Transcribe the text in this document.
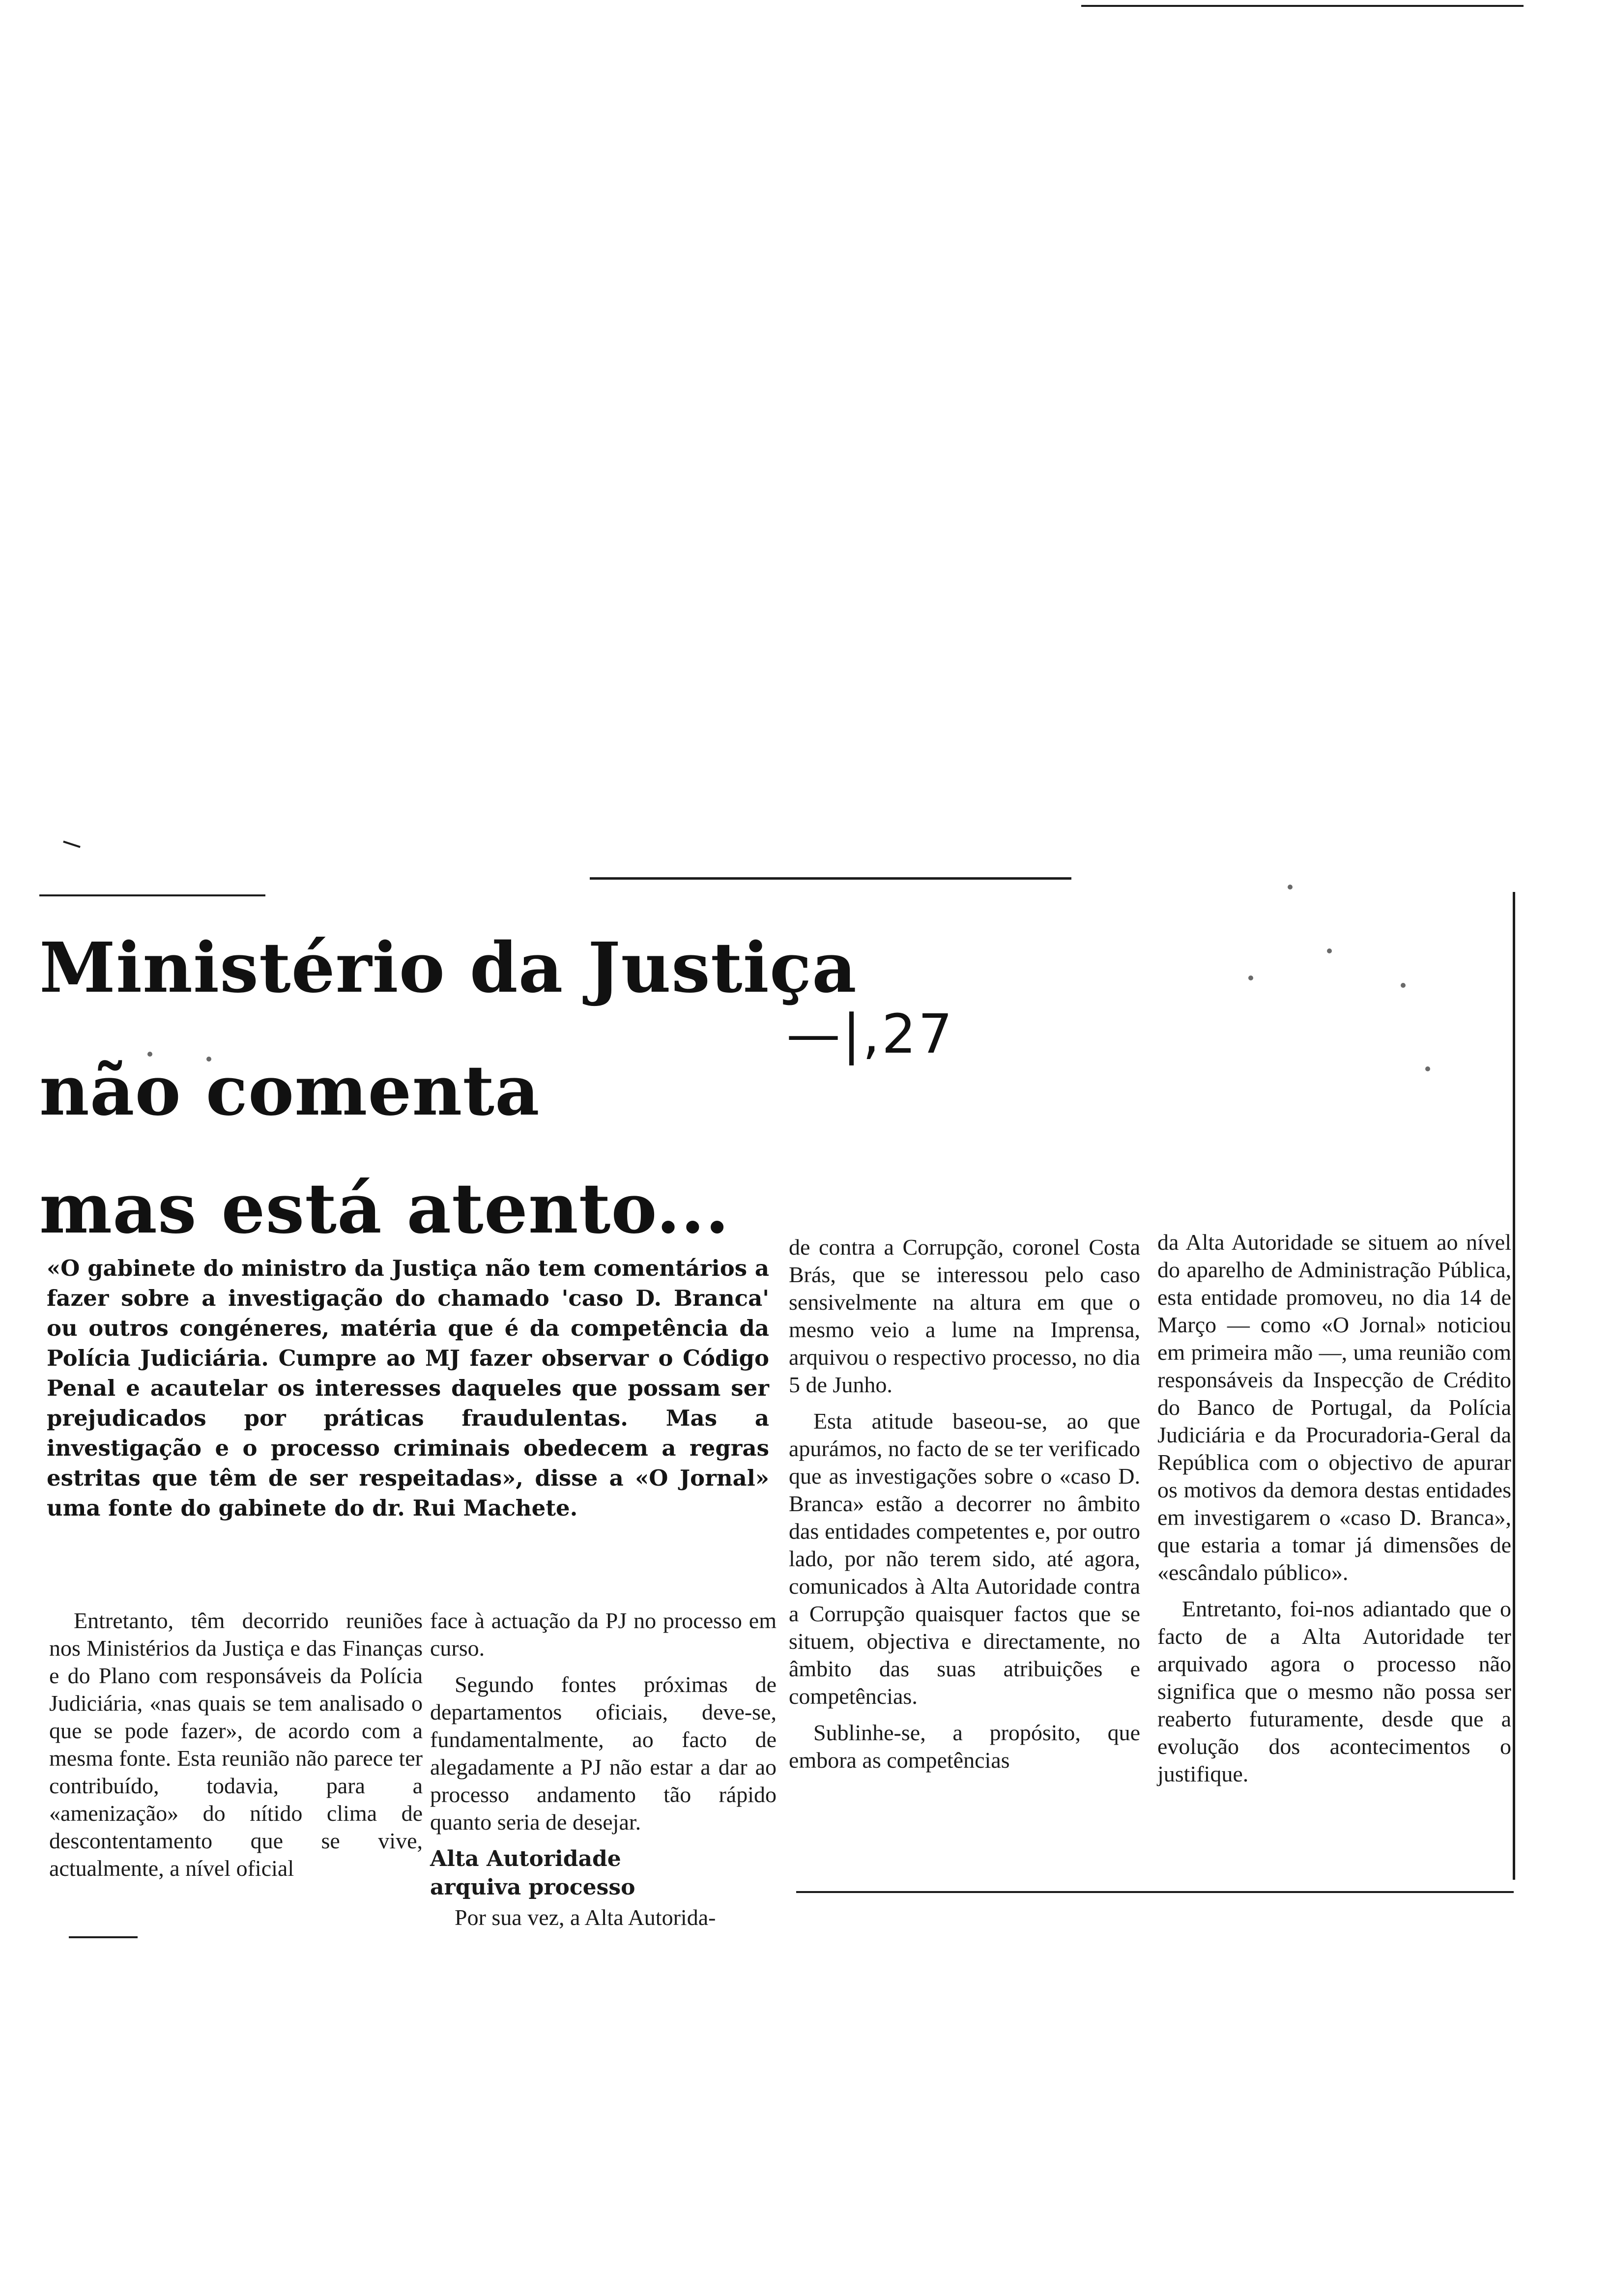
Ministério da Justiça
não comenta
mas está atento...
—|,27

«O gabinete do ministro da Justiça não tem comentários a fazer sobre a investigação do chamado 'caso D. Branca' ou outros congéneres, matéria que é da competência da Polícia Judiciária. Cumpre ao MJ fazer observar o Código Penal e acautelar os interesses daqueles que possam ser prejudicados por práticas fraudulentas. Mas a investigação e o processo criminais obedecem a regras estritas que têm de ser respeitadas», disse a «O Jornal» uma fonte do gabinete do dr. Rui Machete.

Entretanto, têm decorrido reuniões nos Ministérios da Justiça e das Finanças e do Plano com responsáveis da Polícia Judiciária, «nas quais se tem analisado o que se pode fazer», de acordo com a mesma fonte. Esta reunião não parece ter contribuído, todavia, para a «amenização» do nítido clima de descontentamento que se vive, actualmente, a nível oficial

face à actuação da PJ no processo em curso.

Segundo fontes próximas de departamentos oficiais, deve-se, fundamentalmente, ao facto de alegadamente a PJ não estar a dar ao processo andamento tão rápido quanto seria de desejar.

Alta Autoridade

arquiva processo

Por sua vez, a Alta Autorida-

de contra a Corrupção, coronel Costa Brás, que se interessou pelo caso sensivelmente na altura em que o mesmo veio a lume na Imprensa, arquivou o respectivo processo, no dia 5 de Junho.

Esta atitude baseou-se, ao que apurámos, no facto de se ter verificado que as investigações sobre o «caso D. Branca» estão a decorrer no âmbito das entidades competentes e, por outro lado, por não terem sido, até agora, comunicados à Alta Autoridade contra a Corrupção quaisquer factos que se situem, objectiva e directamente, no âmbito das suas atribuições e competências.

Sublinhe-se, a propósito, que embora as competências

da Alta Autoridade se situem ao nível do aparelho de Administração Pública, esta entidade promoveu, no dia 14 de Março — como «O Jornal» noticiou em primeira mão —, uma reunião com responsáveis da Inspecção de Crédito do Banco de Portugal, da Polícia Judiciária e da Procuradoria-Geral da República com o objectivo de apurar os motivos da demora destas entidades em investigarem o «caso D. Branca», que estaria a tomar já dimensões de «escândalo público».

Entretanto, foi-nos adiantado que o facto de a Alta Autoridade ter arquivado agora o processo não significa que o mesmo não possa ser reaberto futuramente, desde que a evolução dos acontecimentos o justifique.
